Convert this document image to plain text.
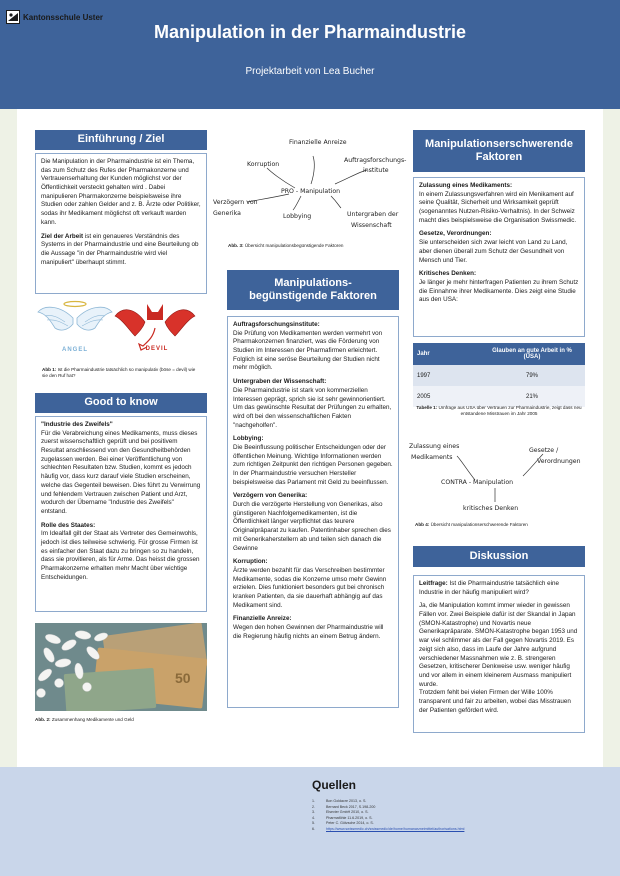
Kantonsschule Uster
Manipulation in der Pharmaindustrie
Projektarbeit von Lea Bucher
Einführung / Ziel

Die Manipulation in der Pharmaindustrie ist ein Thema, das zum Schutz des Rufes der Pharmakonzerne und Vertrauenserhaltung der Kunden möglichst vor der Öffentlichkeit versteckt gehalten wird . Dabei manipulieren Pharmakonzerne beispielsweise ihre Studien oder zahlen Gelder and z. B. Ärzte oder Politiker, sodas ihr Medikament möglichst oft verkauft warden kann.

Ziel der Arbeit ist ein genaueres Verständnis des Systems in der Pharmaindustrie und eine Beurteilung ob die Aussage "in der Pharmaindustrie wird viel manipuliert" überhaupt stimmt.

ANGEL	DEVIL
Abb 1: Ist die Pharmaindustrie tatsächlich so manipulativ (böse = devil) wie sie den Ruf hat?
Good to know
"Industrie des Zweifels"

Für die Verabreichung eines Medikaments, muss dieses zuerst wissenschaftlich geprüft und bei positivem Resultat anschliessend von den Gesundheitbehörden zugelassen werden. Bei einer Veröffentlichung von schlechten Resultaten bzw. Studien, kommt es jedoch häufig vor, dass kurz darauf viele Studien erscheinen, welche das Gegenteil beweisen. Dies führt zu Verwirrung und fehlendem Vertrauen zwischen Patient und Arzt, wodurch der Übername "Industrie des Zweifels" entstand.

Rolle des Staates:

Im Idealfall gilt der Staat als Vertreter des Gemeinwohls, jedoch ist dies teilweise schwierig. Für grosse Firmen ist es einfacher den Staat dazu zu bringen so zu handeln, dass sie provitieren, als für Arme. Das heisst die grossen Pharmakonzerne erhalten mehr Macht über wichtige Entscheidungen.

50
Abb. 2: Zusammenhang Medikamente und Geld
Korruption
Finanzielle Anreize
Auftragsforschungs-
institute
PRO - Manipulation
Verzögern von
Generika	Lobbying	Untergraben der
Wissenschaft
Abb. 3: Übersicht manipulationsbegünstigende Faktoren
Manipulations-begünstigende Faktoren
Auftragsforschungsinstitute:

Die Prüfung von Medikamenten werden vermehrt von Pharmakonzernen finanziert, was die Förderung von Studien im Interessen der Pharmafirmen erleichtert. Folglich ist eine seröse Beurteilung der Studien nicht mehr möglich.

Untergraben der Wissenschaft:

Die Pharmaindustrie ist stark von kommerziellen Interessen geprägt, sprich sie ist sehr gewinnorientiert. Um das gewünschte Resultat der Prüfungen zu erhalten, wird oft bei den wissenschaftlichen Fakten "nachgeholfen".

Lobbying:

Die Beeinflussung politischer Entscheidungen oder der öffentlichen Meinung. Wichtige Informationen werden zum richtigen Zeitpunkt den richtigen Personen gegeben. In der Pharmaindustrie versuchen Hersteller beispielsweise das Parlament mit Geld zu beeinflussen.

Verzögern von Generika:

Durch die verzögerte Herstellung von Generikas, also günstigeren Nachfolgemedikamenten, ist die Öffentlichkeit länger verpflichtet das teurere Originalpräparat zu kaufen. Patentinhaber sprechen dies mit Generikaherstellern ab und teilen sich danach die Gewinne

Korruption:

Ärzte werden bezahlt für das Verschreiben bestimmter Medikamente, sodas die Konzerne umso mehr Gewinn erzielen. Dies funktioniert besonders gut bei chronisch kranken Patienten, da sie dauerhaft abhängig auf das Medikament sind.

Finanzielle Anreize:

Wegen den hohen Gewinnen der Pharmaindustrie will die Regierung häufig nichts an einem Betrug ändern.

Manipulationserschwerende Faktoren
Zulassung eines Medikaments:

In einem Zulassungsverfahren wird ein Menikament auf seine Qualität, Sicherheit und Wirksamkeit geprüft (sogenanntes Nutzen-Risiko-Verhaltnis). In der Schweiz macht dies beispielsweise die Organisation Swissmedic.

Gesetze, Verordnungen:

Sie unterscheiden sich zwar leicht von Land zu Land, aber dienen überall zum Schutz der Gesundheit von Mensch und Tier.

Kritisches Denken:

Je länger je mehr hinterfragen Patienten zu ihrem Schutz die Einnahme ihrer Medikamente. Dies zeigt eine Studie aus den USA:

Jahr	Glauben an gute Arbeit in % (USA)
1997	79%
2005	21%
Tabelle 1: Umfrage aus USA über Vertrauen zur Pharmaindustrie, zeigt dass neu entstandene Misstrauen im Jahr 2005
Zulassung eines
Medikaments
Gesetze /
Verordnungen
CONTRA - Manipulation
kritisches Denken
Abb 4: Übersicht manipulationserschwerende Faktoren
Diskussion

Leitfrage: Ist die Pharmaindustrie tatsächlich eine Industrie in der häufig manipuliert wird?

Ja, die Manipulation kommt immer wieder in gewissen Fällen vor. Zwei Beispiele dafür ist der Skandal in Japan (SMON-Katastrophe) und Novartis neue Generikapräparate. SMON-Katastrophe began 1953 und war viel schlimmer als der Fall gegen Novartis 2019. Es zeigt sich also, dass im Laufe der Jahre aufgrund verschiedener Massnahmen wie z. B. strengeren Gesetzen, kritischerer Denkweise usw. weniger häufig und vor allem in einem kleinerem Ausmass manipuliert wurde.
Trotzdem fehlt bei vielen Firmen der Wille 100% transparent und fair zu arbeiten, wobei das Misstrauen der Patienten gefördert wird.
Quellen
1.	Bon Goldacre 2013, o. S.
2.	Bernard Beck 2017, S.198-200
3.	Elsevier GmbH 2010, o. S.
4.	Pharmaföhle 11.6.2019, o. S.
5.	Peter C. Götzsche 2014, o. S.
6.	https://www.swissmedic.ch/swissmedic/de/home/humanarzneimittel/authorisations.html
